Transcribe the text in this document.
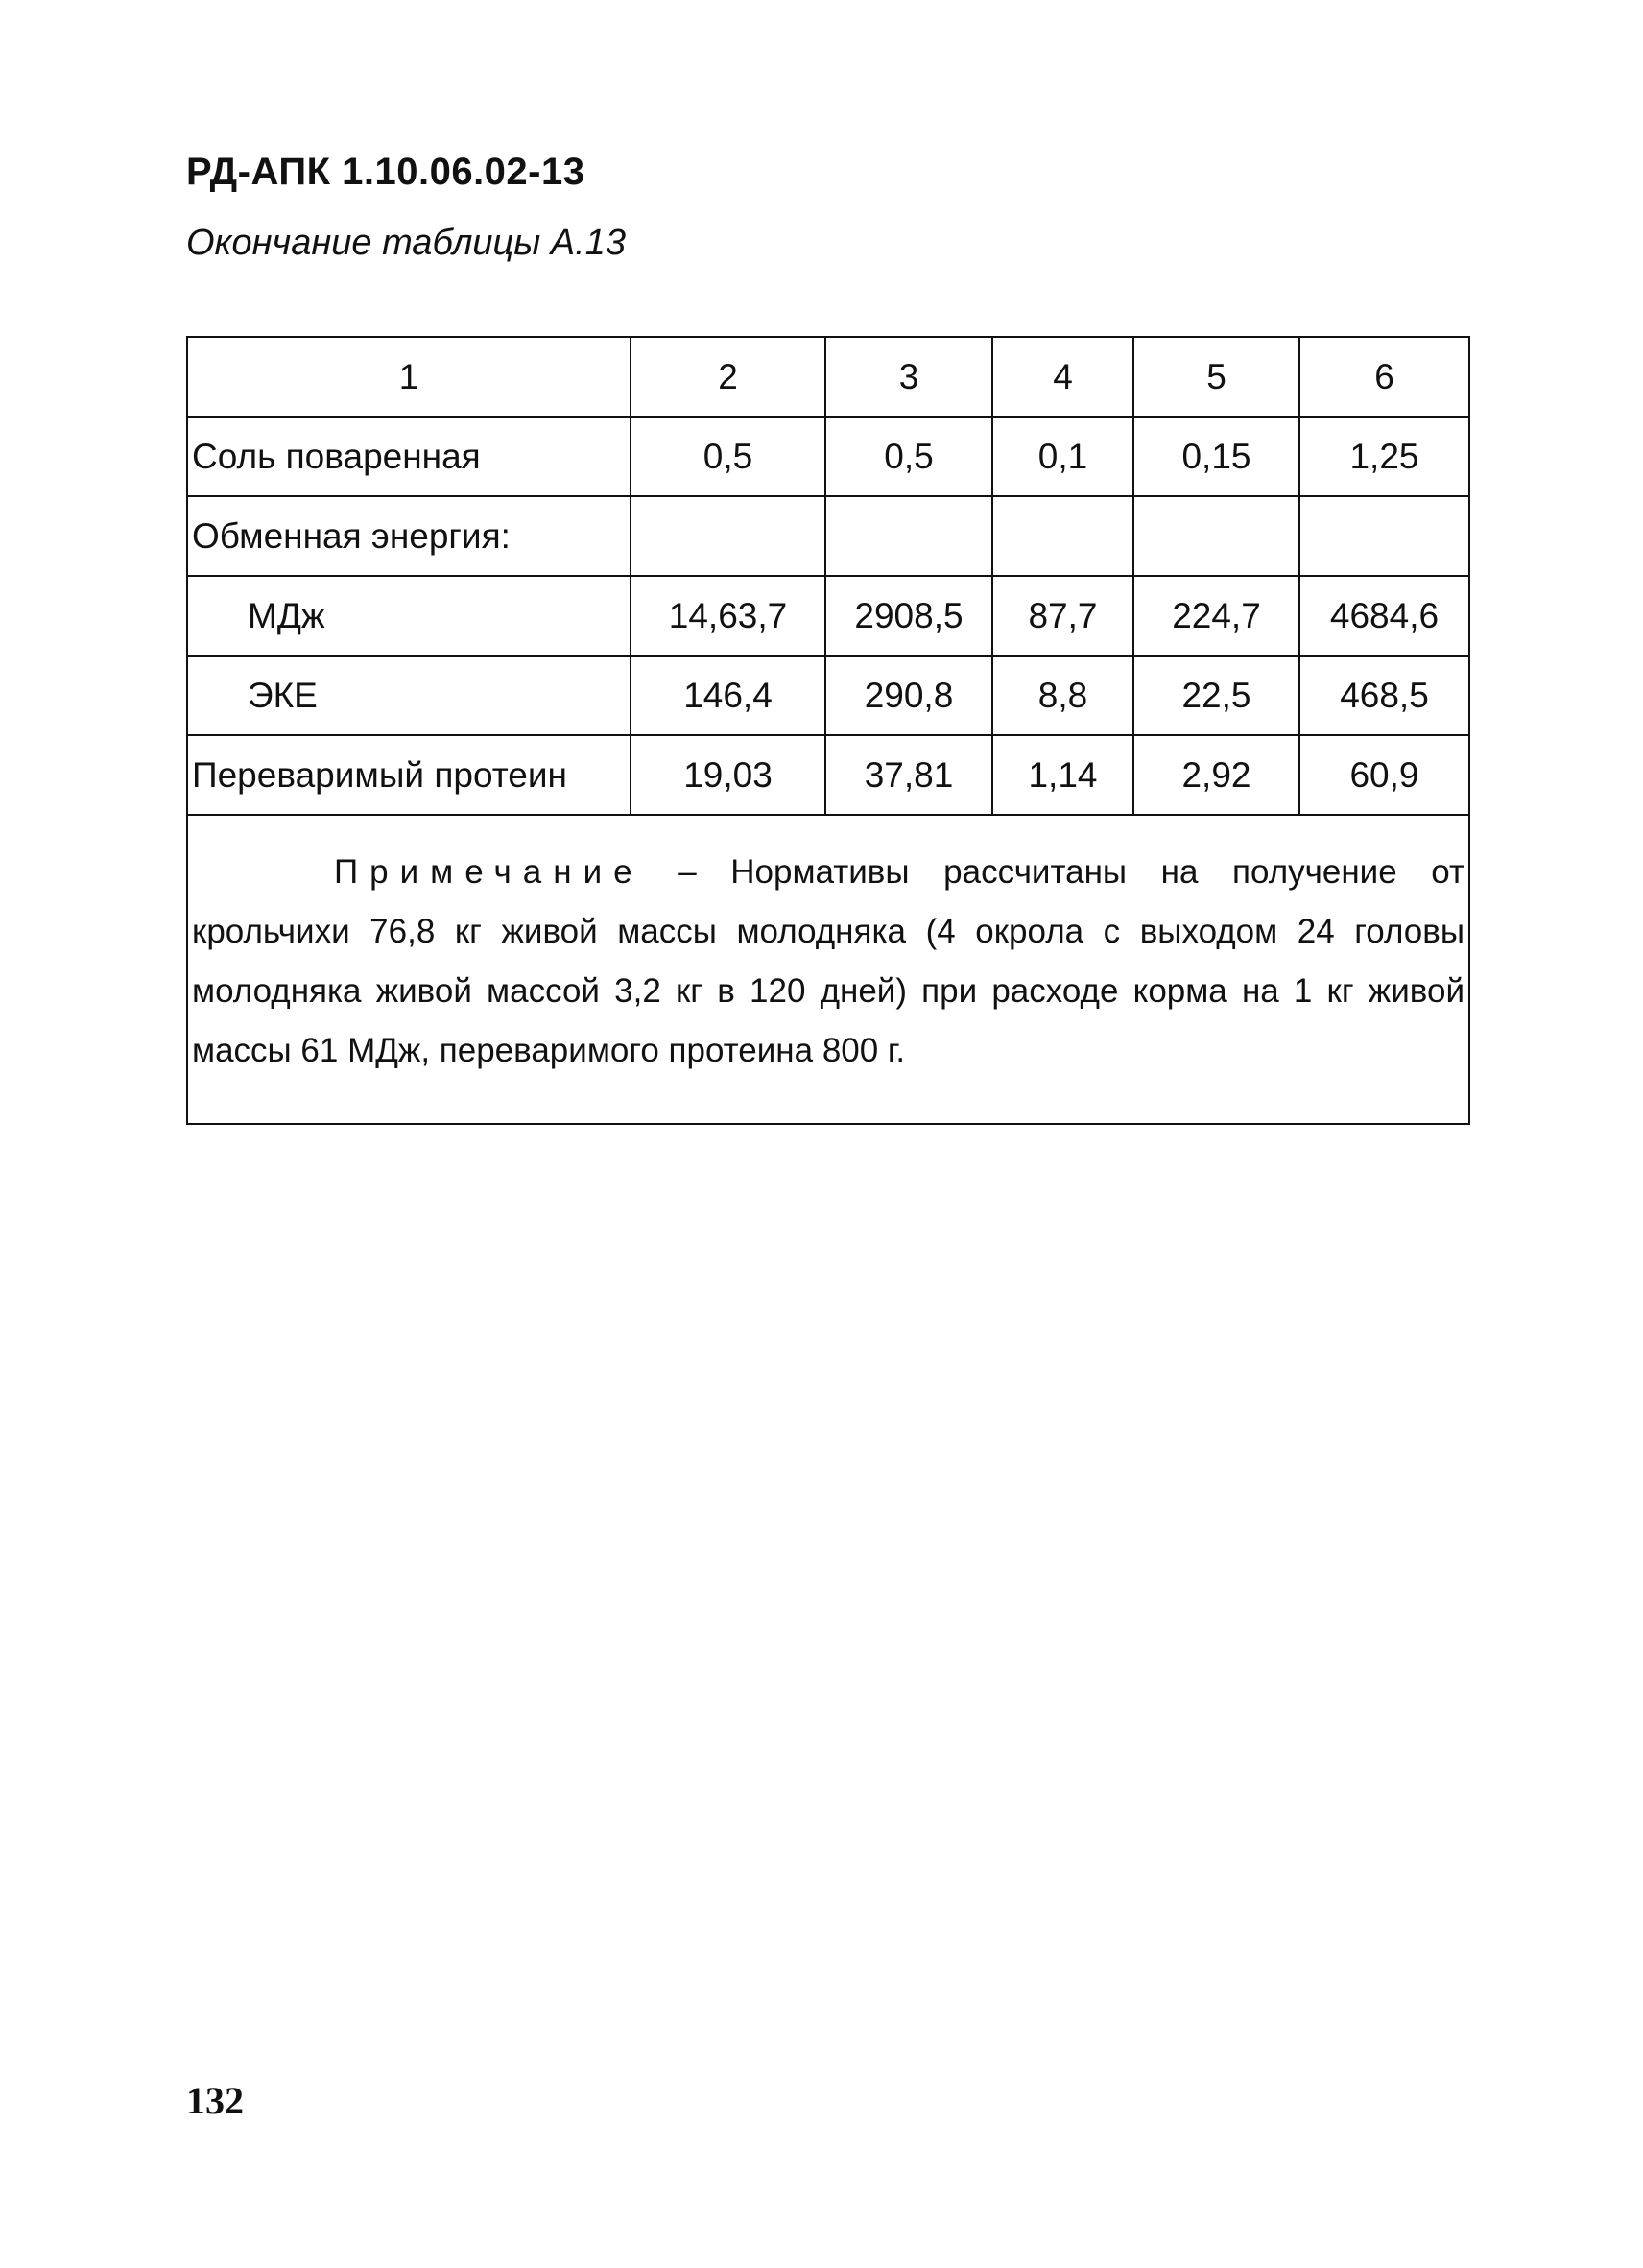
РД-АПК 1.10.06.02-13
Окончание таблицы А.13
1	2	3	4	5	6
Соль поваренная	0,5	0,5	0,1	0,15	1,25
Обменная энергия:					
МДж	14,63,7	2908,5	87,7	224,7	4684,6
ЭКЕ	146,4	290,8	8,8	22,5	468,5
Переваримый протеин	19,03	37,81	1,14	2,92	60,9
Примечание – Нормативы рассчитаны на получение от крольчихи 76,8 кг живой массы молодняка (4 окрола с выходом 24 головы молодняка живой массой 3,2 кг в 120 дней) при расходе корма на 1 кг живой массы 61 МДж, переваримого протеина 800 г.					
132
